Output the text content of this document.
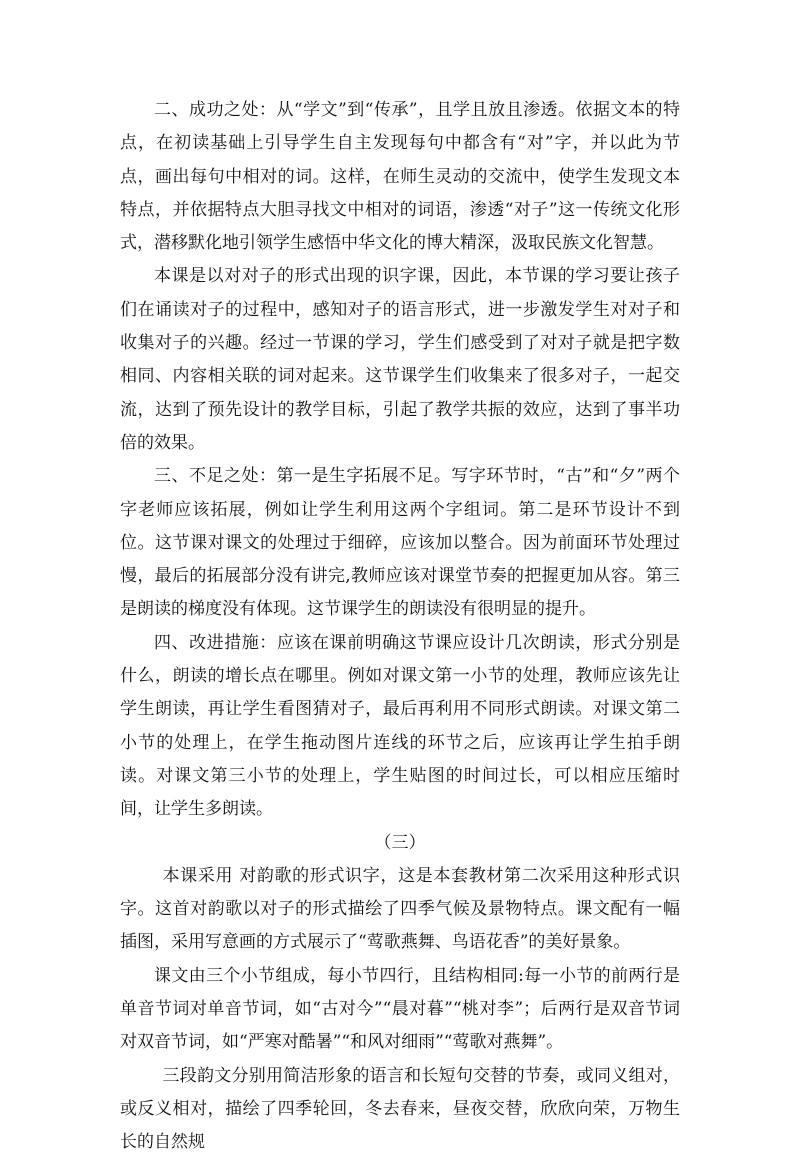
二、成功之处：从“学文”到“传承”，且学且放且渗透。依据文本的特点，在初读基础上引导学生自主发现每句中都含有“对”字，并以此为节点，画出每句中相对的词。这样，在师生灵动的交流中，使学生发现文本特点，并依据特点大胆寻找文中相对的词语，渗透“对子”这一传统文化形式，潜移默化地引领学生感悟中华文化的博大精深，汲取民族文化智慧。

本课是以对对子的形式出现的识字课，因此，本节课的学习要让孩子们在诵读对子的过程中，感知对子的语言形式，进一步激发学生对对子和收集对子的兴趣。经过一节课的学习，学生们感受到了对对子就是把字数相同、内容相关联的词对起来。这节课学生们收集来了很多对子，一起交流，达到了预先设计的教学目标，引起了教学共振的效应，达到了事半功倍的效果。

三、不足之处：第一是生字拓展不足。写字环节时，“古”和“夕”两个字老师应该拓展，例如让学生利用这两个字组词。第二是环节设计不到位。这节课对课文的处理过于细碎，应该加以整合。因为前面环节处理过慢，最后的拓展部分没有讲完,教师应该对课堂节奏的把握更加从容。第三是朗读的梯度没有体现。这节课学生的朗读没有很明显的提升。

四、改进措施：应该在课前明确这节课应设计几次朗读，形式分别是什么，朗读的增长点在哪里。例如对课文第一小节的处理，教师应该先让学生朗读，再让学生看图猜对子，最后再利用不同形式朗读。对课文第二小节的处理上，在学生拖动图片连线的环节之后，应该再让学生拍手朗读。对课文第三小节的处理上，学生贴图的时间过长，可以相应压缩时间，让学生多朗读。

（三）

本课采用 对韵歌的形式识字，这是本套教材第二次采用这种形式识字。这首对韵歌以对子的形式描绘了四季气候及景物特点。课文配有一幅插图，采用写意画的方式展示了“莺歌燕舞、鸟语花香”的美好景象。

课文由三个小节组成，每小节四行，且结构相同:每一小节的前两行是单音节词对单音节词，如“古对今”“晨对暮”“桃对李”；后两行是双音节词对双音节词，如“严寒对酷暑”“和风对细雨”“莺歌对燕舞”。

三段韵文分别用简洁形象的语言和长短句交替的节奏，或同义组对，或反义相对，描绘了四季轮回，冬去春来，昼夜交替，欣欣向荣，万物生长的自然规
